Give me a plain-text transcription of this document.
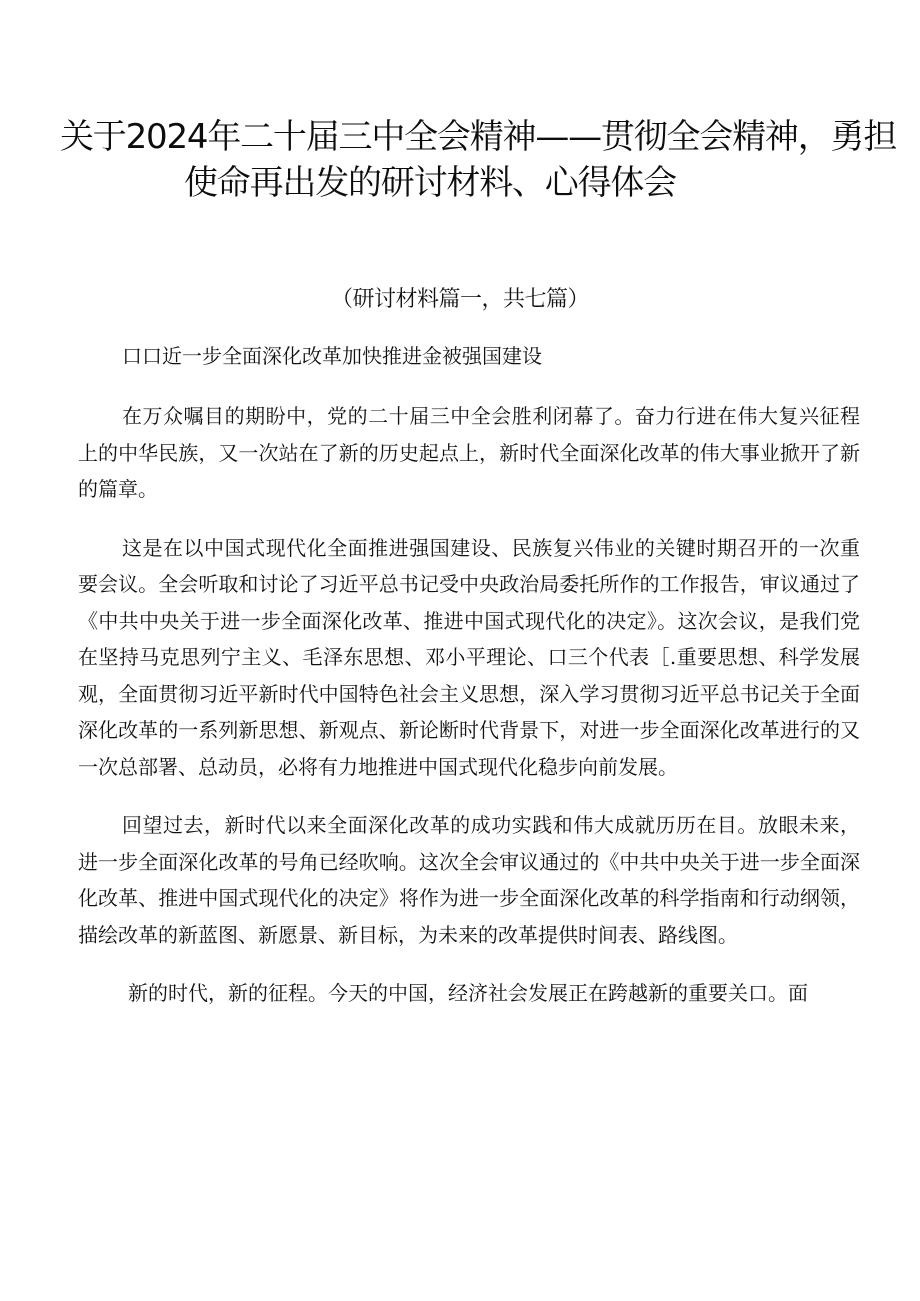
关于2024年二十届三中全会精神——贯彻全会精神，勇担
使命再出发的研讨材料、心得体会
（研讨材料篇一，共七篇）
口口近一步全面深化改革加快推进金被强国建设

在万众嘱目的期盼中，党的二十届三中全会胜利闭幕了。奋力行进在伟大复兴征程上的中华民族，又一次站在了新的历史起点上，新时代全面深化改革的伟大事业掀开了新的篇章。

这是在以中国式现代化全面推进强国建设、民族复兴伟业的关键时期召开的一次重要会议。全会听取和讨论了习近平总书记受中央政治局委托所作的工作报告，审议通过了《中共中央关于进一步全面深化改革、推进中国式现代化的决定》。这次会议，是我们党在坚持马克思列宁主义、毛泽东思想、邓小平理论、口三个代表［.重要思想、科学发展观，全面贯彻习近平新时代中国特色社会主义思想，深入学习贯彻习近平总书记关于全面深化改革的一系列新思想、新观点、新论断时代背景下，对进一步全面深化改革进行的又一次总部署、总动员，必将有力地推进中国式现代化稳步向前发展。

回望过去，新时代以来全面深化改革的成功实践和伟大成就历历在目。放眼未来，进一步全面深化改革的号角已经吹响。这次全会审议通过的《中共中央关于进一步全面深化改革、推进中国式现代化的决定》将作为进一步全面深化改革的科学指南和行动纲领，描绘改革的新蓝图、新愿景、新目标，为未来的改革提供时间表、路线图。

新的时代，新的征程。今天的中国，经济社会发展正在跨越新的重要关口。面
